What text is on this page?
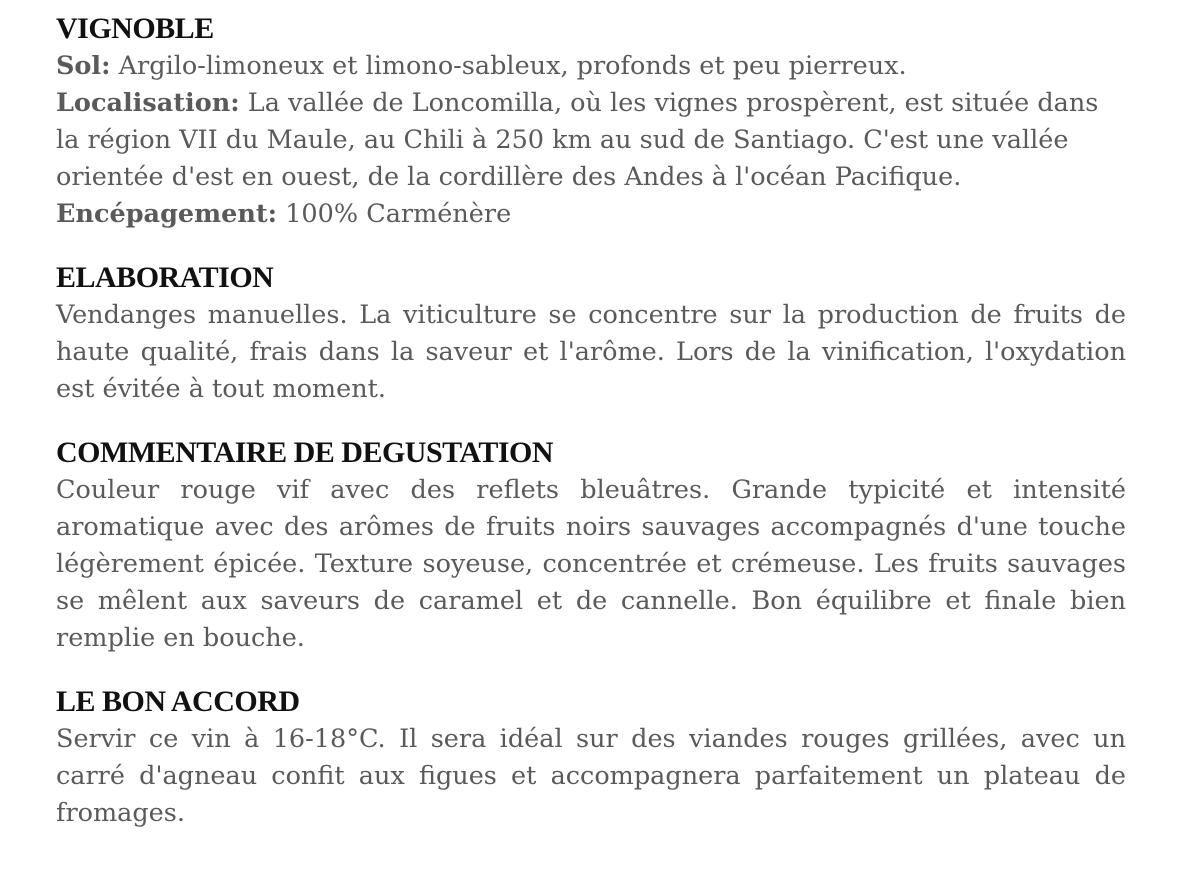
VIGNOBLE

Sol: Argilo-limoneux et limono-sableux, profonds et peu pierreux.

Localisation: La vallée de Loncomilla, où les vignes prospèrent, est située dans la région VII du Maule, au Chili à 250 km au sud de Santiago. C'est une vallée orientée d'est en ouest, de la cordillère des Andes à l'océan Pacifique.

Encépagement: 100% Carménère

ELABORATION

Vendanges manuelles. La viticulture se concentre sur la production de fruits de haute qualité, frais dans la saveur et l'arôme. Lors de la vinification, l'oxydation est évitée à tout moment.

COMMENTAIRE DE DEGUSTATION

Couleur rouge vif avec des reflets bleuâtres. Grande typicité et intensité aromatique avec des arômes de fruits noirs sauvages accompagnés d'une touche légèrement épicée. Texture soyeuse, concentrée et crémeuse. Les fruits sauvages se mêlent aux saveurs de caramel et de cannelle. Bon équilibre et finale bien remplie en bouche.

LE BON ACCORD

Servir ce vin à 16-18°C. Il sera idéal sur des viandes rouges grillées, avec un carré d'agneau confit aux figues et accompagnera parfaitement un plateau de fromages.
